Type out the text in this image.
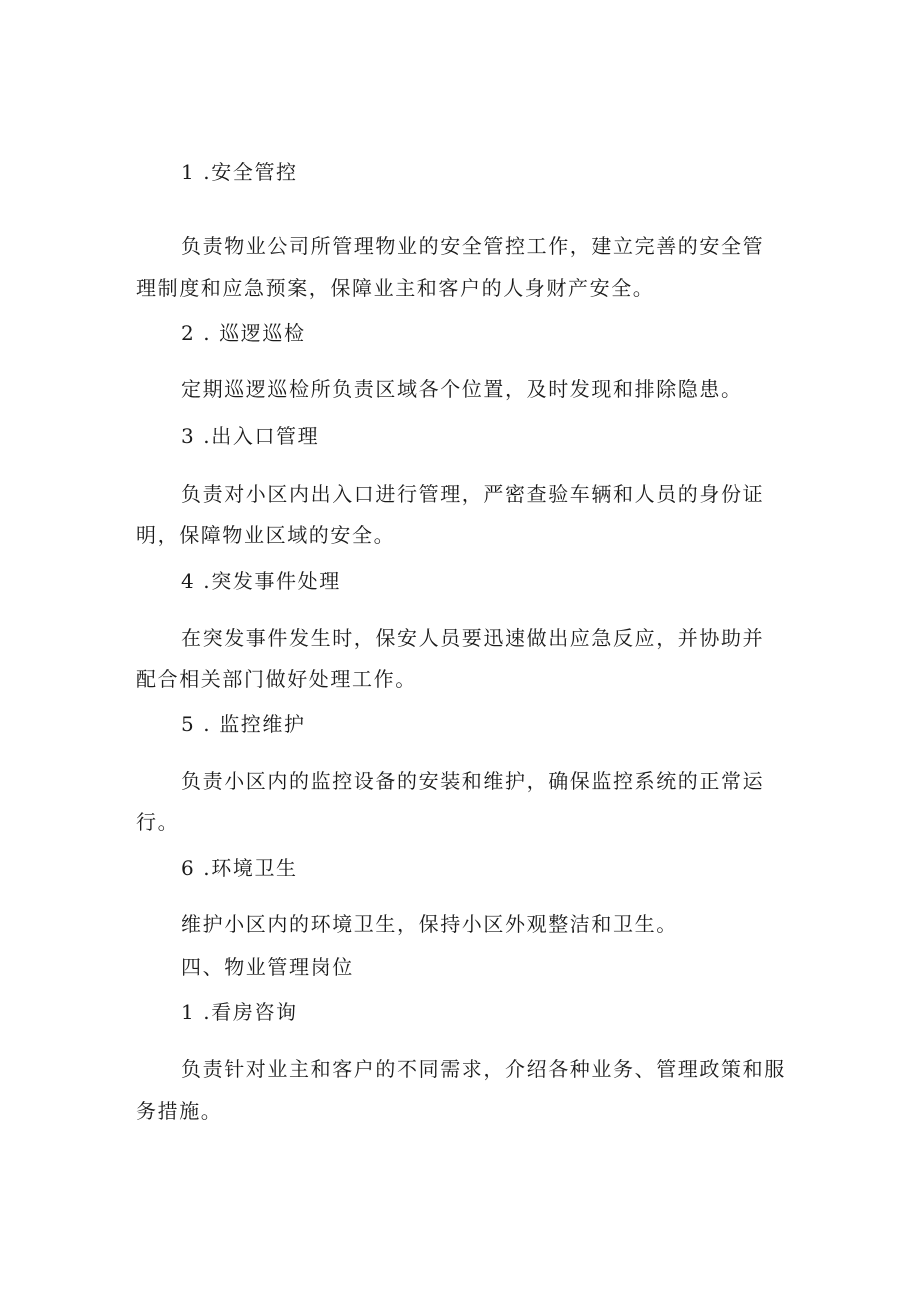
1 .安全管控

负责物业公司所管理物业的安全管控工作，建立完善的安全管

理制度和应急预案，保障业主和客户的人身财产安全。

2 . 巡逻巡检

定期巡逻巡检所负责区域各个位置，及时发现和排除隐患。

3 .出入口管理

负责对小区内出入口进行管理，严密查验车辆和人员的身份证

明，保障物业区域的安全。

4 .突发事件处理

在突发事件发生时，保安人员要迅速做出应急反应，并协助并

配合相关部门做好处理工作。

5 . 监控维护

负责小区内的监控设备的安装和维护，确保监控系统的正常运

行。

6 .环境卫生

维护小区内的环境卫生，保持小区外观整洁和卫生。

四、物业管理岗位

1 .看房咨询

负责针对业主和客户的不同需求，介绍各种业务、管理政策和服

务措施。
